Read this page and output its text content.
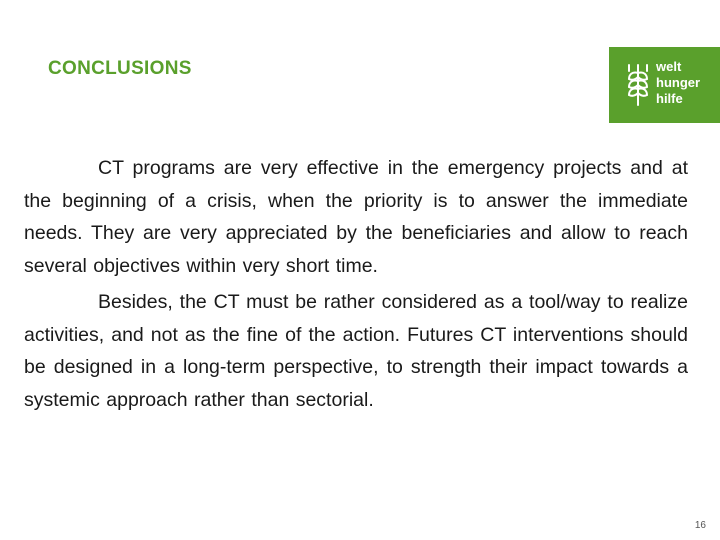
CONCLUSIONS	welt
hunger
hilfe

CT programs are very effective in the emergency projects and at the beginning of a crisis, when the priority is to answer the immediate needs. They are very appreciated by the beneficiaries and allow to reach several objectives within very short time.

Besides, the CT must be rather considered as a tool/way to realize activities, and not as the fine of the action. Futures CT interventions should be designed in a long-term perspective, to strength their impact towards a systemic approach rather than sectorial.

16
